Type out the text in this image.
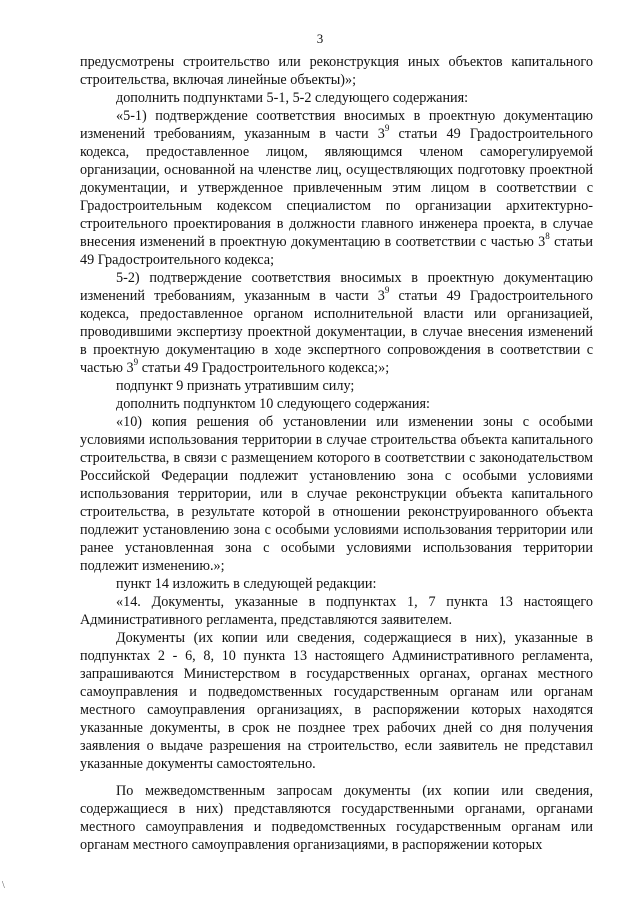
3

предусмотрены строительство или реконструкция иных объектов капитального строительства, включая линейные объекты)»;

дополнить подпунктами 5-1, 5-2 следующего содержания:

«5-1) подтверждение соответствия вносимых в проектную документацию изменений требованиям, указанным в части $3^9$ статьи 49 Градостроительного кодекса, предоставленное лицом, являющимся членом саморегулируемой организации, основанной на членстве лиц, осуществляющих подготовку проектной документации, и утвержденное привлеченным этим лицом в соответствии с Градостроительным кодексом специалистом по организации архитектурно-строительного проектирования в должности главного инженера проекта, в случае внесения изменений в проектную документацию в соответствии с частью $3^8$ статьи 49 Градостроительного кодекса;

5-2) подтверждение соответствия вносимых в проектную документацию изменений требованиям, указанным в части $3^9$ статьи 49 Градостроительного кодекса, предоставленное органом исполнительной власти или организацией, проводившими экспертизу проектной документации, в случае внесения изменений в проектную документацию в ходе экспертного сопровождения в соответствии с частью $3^9$ статьи 49 Градостроительного кодекса;»;

подпункт 9 признать утратившим силу;

дополнить подпунктом 10 следующего содержания:

«10) копия решения об установлении или изменении зоны с особыми условиями использования территории в случае строительства объекта капитального строительства, в связи с размещением которого в соответствии с законодательством Российской Федерации подлежит установлению зона с особыми условиями использования территории, или в случае реконструкции объекта капитального строительства, в результате которой в отношении реконструированного объекта подлежит установлению зона с особыми условиями использования территории или ранее установленная зона с особыми условиями использования территории подлежит изменению.»;

пункт 14 изложить в следующей редакции:

«14. Документы, указанные в подпунктах 1, 7 пункта 13 настоящего Административного регламента, представляются заявителем.

Документы (их копии или сведения, содержащиеся в них), указанные в подпунктах 2 - 6, 8, 10 пункта 13 настоящего Административного регламента, запрашиваются Министерством в государственных органах, органах местного самоуправления и подведомственных государственным органам или органам местного самоуправления организациях, в распоряжении которых находятся указанные документы, в срок не позднее трех рабочих дней со дня получения заявления о выдаче разрешения на строительство, если заявитель не представил указанные документы самостоятельно.

По межведомственным запросам документы (их копии или сведения, содержащиеся в них) представляются государственными органами, органами местного самоуправления и подведомственных государственным органам или органам местного самоуправления организациями, в распоряжении которых

\
